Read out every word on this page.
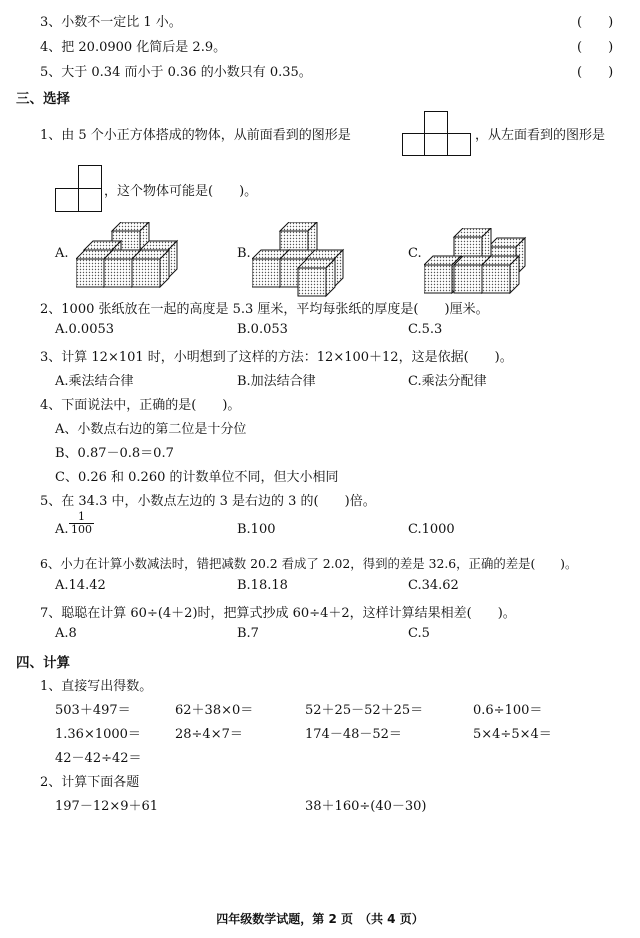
3、小数不一定比 1 小。	(　　)
4、把 20.0900 化简后是 2.9。	(　　)
5、大于 0.34 而小于 0.36 的小数只有 0.35。	(　　)
三、选择
1、由 5 个小正方体搭成的物体，从前面看到的图形是	，从左面看到的图形是
，这个物体可能是(　　)。
A.	B.	C.
2、1000 张纸放在一起的高度是 5.3 厘米，平均每张纸的厚度是(　　)厘米。
A.0.0053	B.0.053	C.5.3
3、计算 12×101 时，小明想到了这样的方法：12×100＋12，这是依据(　　)。
A.乘法结合律	B.加法结合律	C.乘法分配律
4、下面说法中，正确的是(　　)。
A、小数点右边的第二位是十分位
B、0.87－0.8＝0.7
C、0.26 和 0.260 的计数单位不同，但大小相同
5、在 34.3 中，小数点左边的 3 是右边的 3 的(　　)倍。
A. $\frac{1}{100}$	B.100	C.1000
6、小力在计算小数减法时，错把减数 20.2 看成了 2.02，得到的差是 32.6，正确的差是(　　)。
A.14.42	B.18.18	C.34.62
7、聪聪在计算 60÷(4＋2)时，把算式抄成 60÷4＋2，这样计算结果相差(　　)。
A.8	B.7	C.5
四、计算
1、直接写出得数。
503＋497＝	62＋38×0＝	52＋25－52＋25＝	0.6÷100＝
1.36×1000＝	28÷4×7＝	174－48－52＝	5×4÷5×4＝
42－42÷42＝
2、计算下面各题
197－12×9＋61	38＋160÷(40－30)
四年级数学试题，第 2 页　（共 4 页）
